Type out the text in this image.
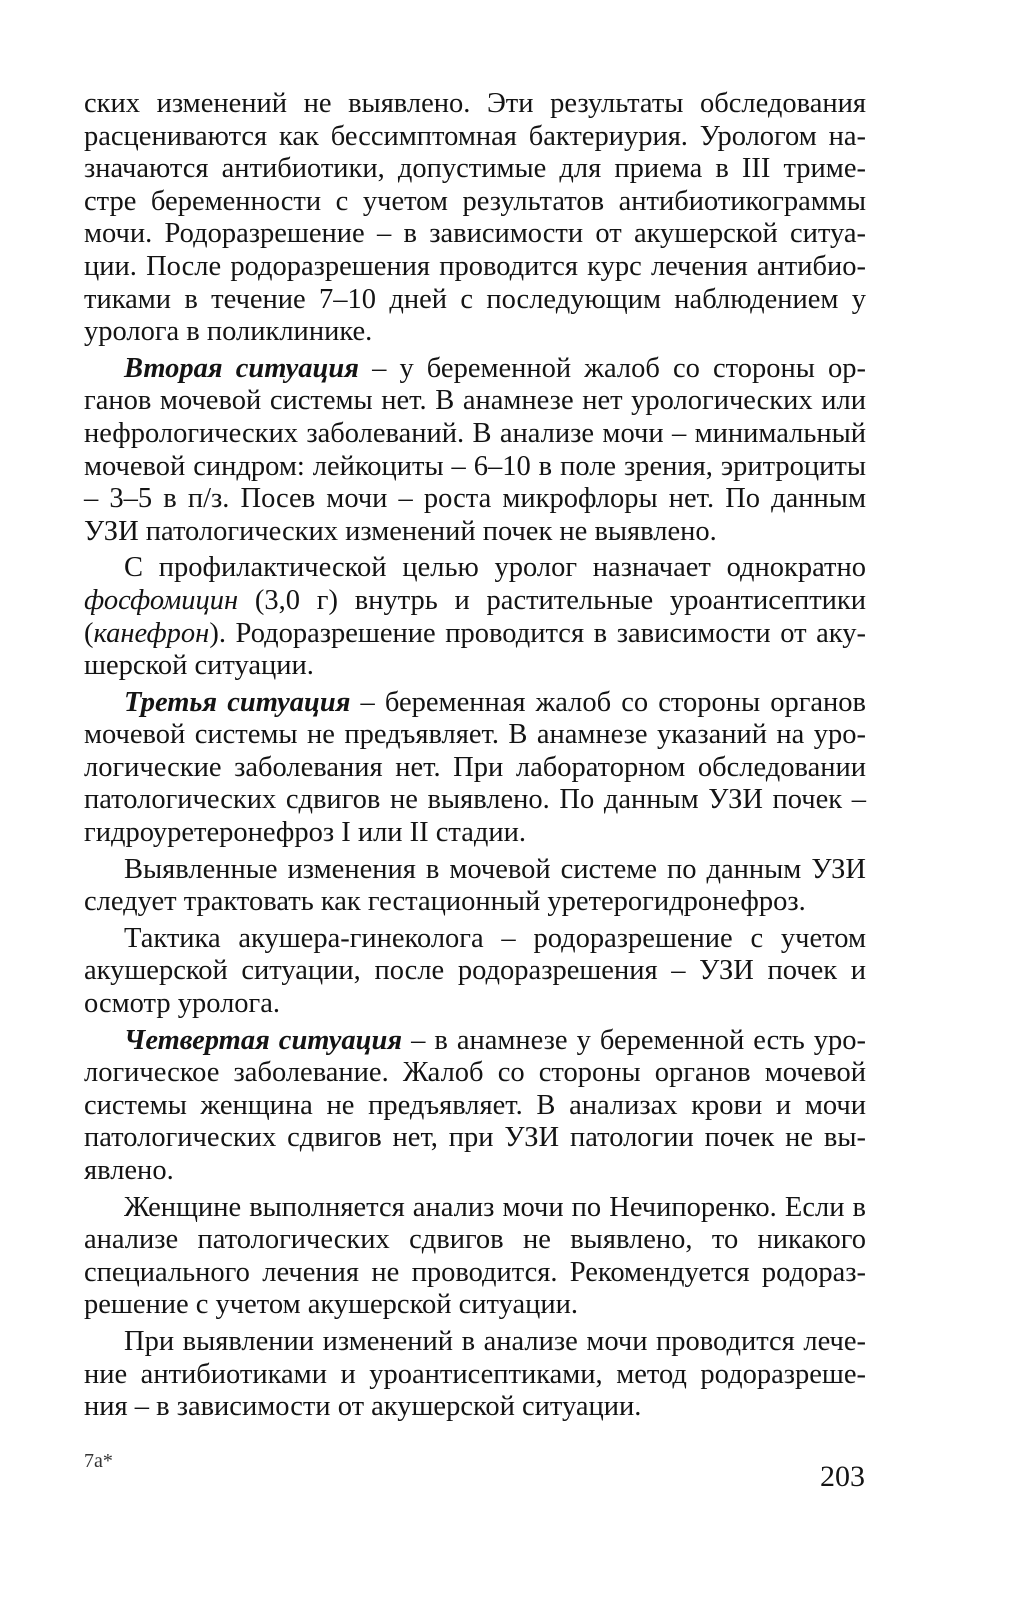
ских изменений не выявлено. Эти результаты обследования расцениваются как бессимптомная бактериурия. Урологом назначаются антибиотики, допустимые для приема в III триместре беременности с учетом результатов антибиотикограммы мочи. Родоразрешение – в зависимости от акушерской ситуации. После родоразрешения проводится курс лечения антибиотиками в течение 7–10 дней с последующим наблюдением у уролога в поликлинике.

Вторая ситуация – у беременной жалоб со стороны органов мочевой системы нет. В анамнезе нет урологических или нефрологических заболеваний. В анализе мочи – минимальный мочевой синдром: лейкоциты – 6–10 в поле зрения, эритроциты – 3–5 в п/з. Посев мочи – роста микрофлоры нет. По данным УЗИ патологических изменений почек не выявлено.

С профилактической целью уролог назначает однократно фосфомицин (3,0 г) внутрь и растительные уроантисептики (канефрон). Родоразрешение проводится в зависимости от акушерской ситуации.

Третья ситуация – беременная жалоб со стороны органов мочевой системы не предъявляет. В анамнезе указаний на урологические заболевания нет. При лабораторном обследовании патологических сдвигов не выявлено. По данным УЗИ почек – гидроуретеронефроз I или II стадии.

Выявленные изменения в мочевой системе по данным УЗИ следует трактовать как гестационный уретерогидронефроз.

Тактика акушера-гинеколога – родоразрешение с учетом акушерской ситуации, после родоразрешения – УЗИ почек и осмотр уролога.

Четвертая ситуация – в анамнезе у беременной есть урологическое заболевание. Жалоб со стороны органов мочевой системы женщина не предъявляет. В анализах крови и мочи патологических сдвигов нет, при УЗИ патологии почек не выявлено.

Женщине выполняется анализ мочи по Нечипоренко. Если в анализе патологических сдвигов не выявлено, то никакого специального лечения не проводится. Рекомендуется родоразрешение с учетом акушерской ситуации.

При выявлении изменений в анализе мочи проводится лечение антибиотиками и уроантисептиками, метод родоразрешения – в зависимости от акушерской ситуации.

7а*	203
